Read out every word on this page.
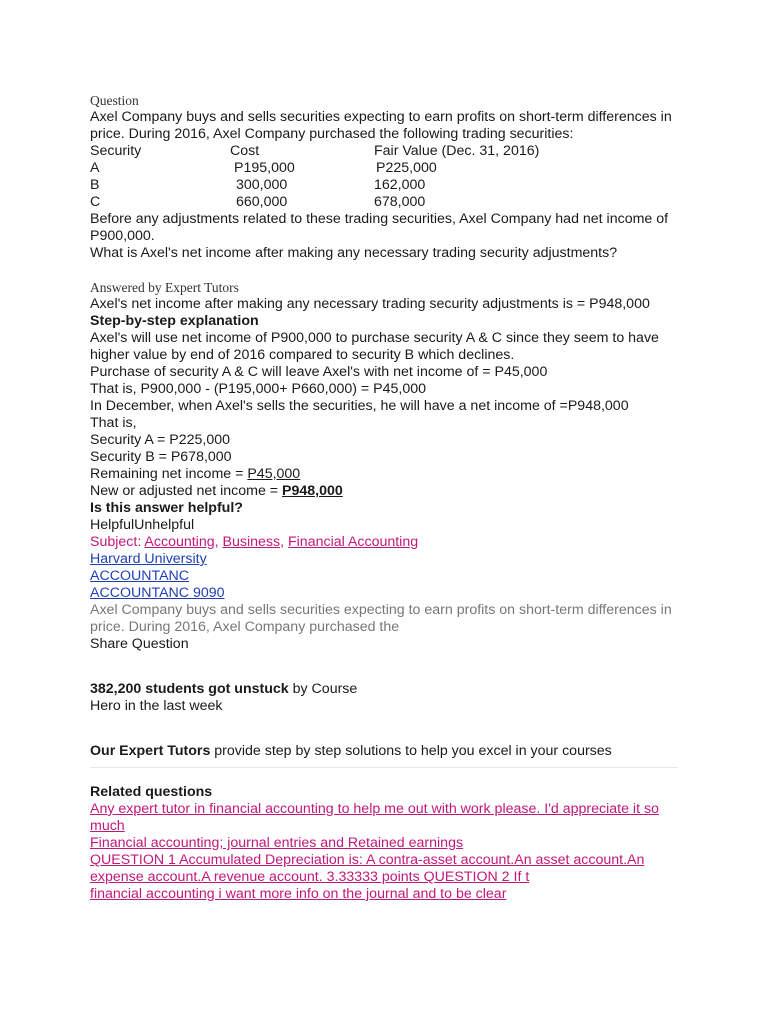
Question
Axel Company buys and sells securities expecting to earn profits on short-term differences in price. During 2016, Axel Company purchased the following trading securities:
Security	Cost	Fair Value (Dec. 31, 2016)
A	P195,000	P225,000
B	300,000	162,000
C	660,000	678,000
Before any adjustments related to these trading securities, Axel Company had net income of P900,000.
What is Axel's net income after making any necessary trading security adjustments?
Answered by Expert Tutors
Axel's net income after making any necessary trading security adjustments is = P948,000
Step-by-step explanation
Axel's will use net income of P900,000 to purchase security A & C since they seem to have higher value by end of 2016 compared to security B which declines.
Purchase of security A & C will leave Axel's with net income of = P45,000
That is, P900,000 - (P195,000+ P660,000) = P45,000
In December, when Axel's sells the securities, he will have a net income of =P948,000
That is,
Security A = P225,000
Security B = P678,000
Remaining net income = P45,000
New or adjusted net income = P948,000
Is this answer helpful?
HelpfulUnhelpful
Subject: Accounting, Business, Financial Accounting
Harvard University
ACCOUNTANC
ACCOUNTANC 9090
Axel Company buys and sells securities expecting to earn profits on short-term differences in price. During 2016, Axel Company purchased the
Share Question
382,200 students got unstuck by Course
Hero in the last week
Our Expert Tutors provide step by step solutions to help you excel in your courses
Related questions
Any expert tutor in financial accounting to help me out with work please. I'd appreciate it so much
Financial accounting; journal entries and Retained earnings
QUESTION 1 Accumulated Depreciation is: A contra-asset account.An asset account.An expense account.A revenue account. 3.33333 points QUESTION 2 If t
financial accounting i want more info on the journal and to be clear
